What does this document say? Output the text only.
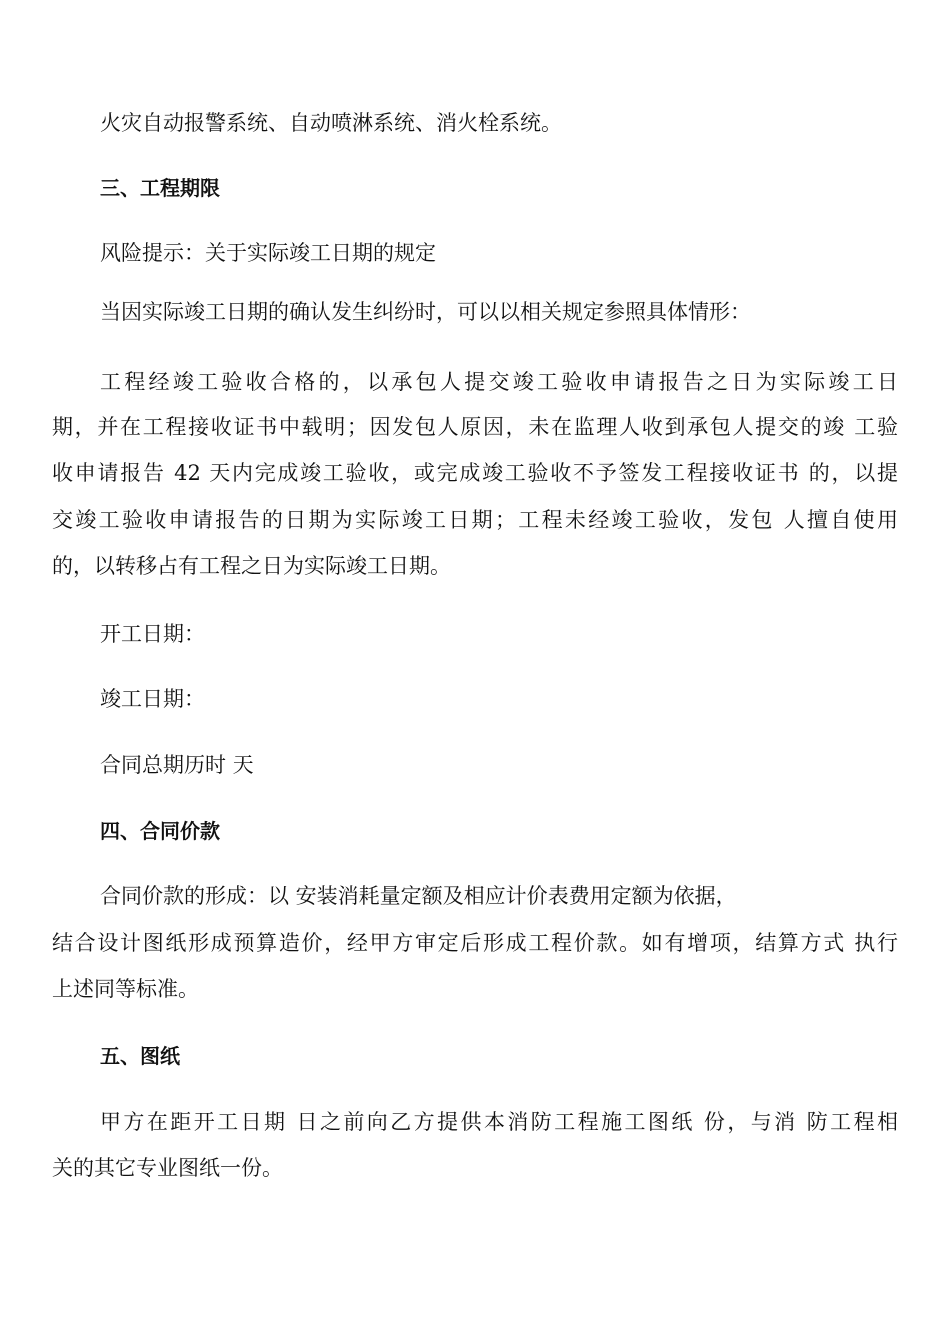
火灾自动报警系统、自动喷淋系统、消火栓系统。

三、工程期限

风险提示：关于实际竣工日期的规定

当因实际竣工日期的确认发生纠纷时，可以以相关规定参照具体情形：

工程经竣工验收合格的，以承包人提交竣工验收申请报告之日为实际竣工日

期，并在工程接收证书中载明；因发包人原因，未在监理人收到承包人提交的竣 工验

收申请报告 42 天内完成竣工验收，或完成竣工验收不予签发工程接收证书 的，以提

交竣工验收申请报告的日期为实际竣工日期；工程未经竣工验收，发包 人擅自使用

的，以转移占有工程之日为实际竣工日期。

开工日期：

竣工日期：

合同总期历时 天

四、合同价款

合同价款的形成：以 安装消耗量定额及相应计价表费用定额为依据，

结合设计图纸形成预算造价，经甲方审定后形成工程价款。如有增项，结算方式 执行

上述同等标准。

五、图纸

甲方在距开工日期 日之前向乙方提供本消防工程施工图纸 份，与消 防工程相

关的其它专业图纸一份。
